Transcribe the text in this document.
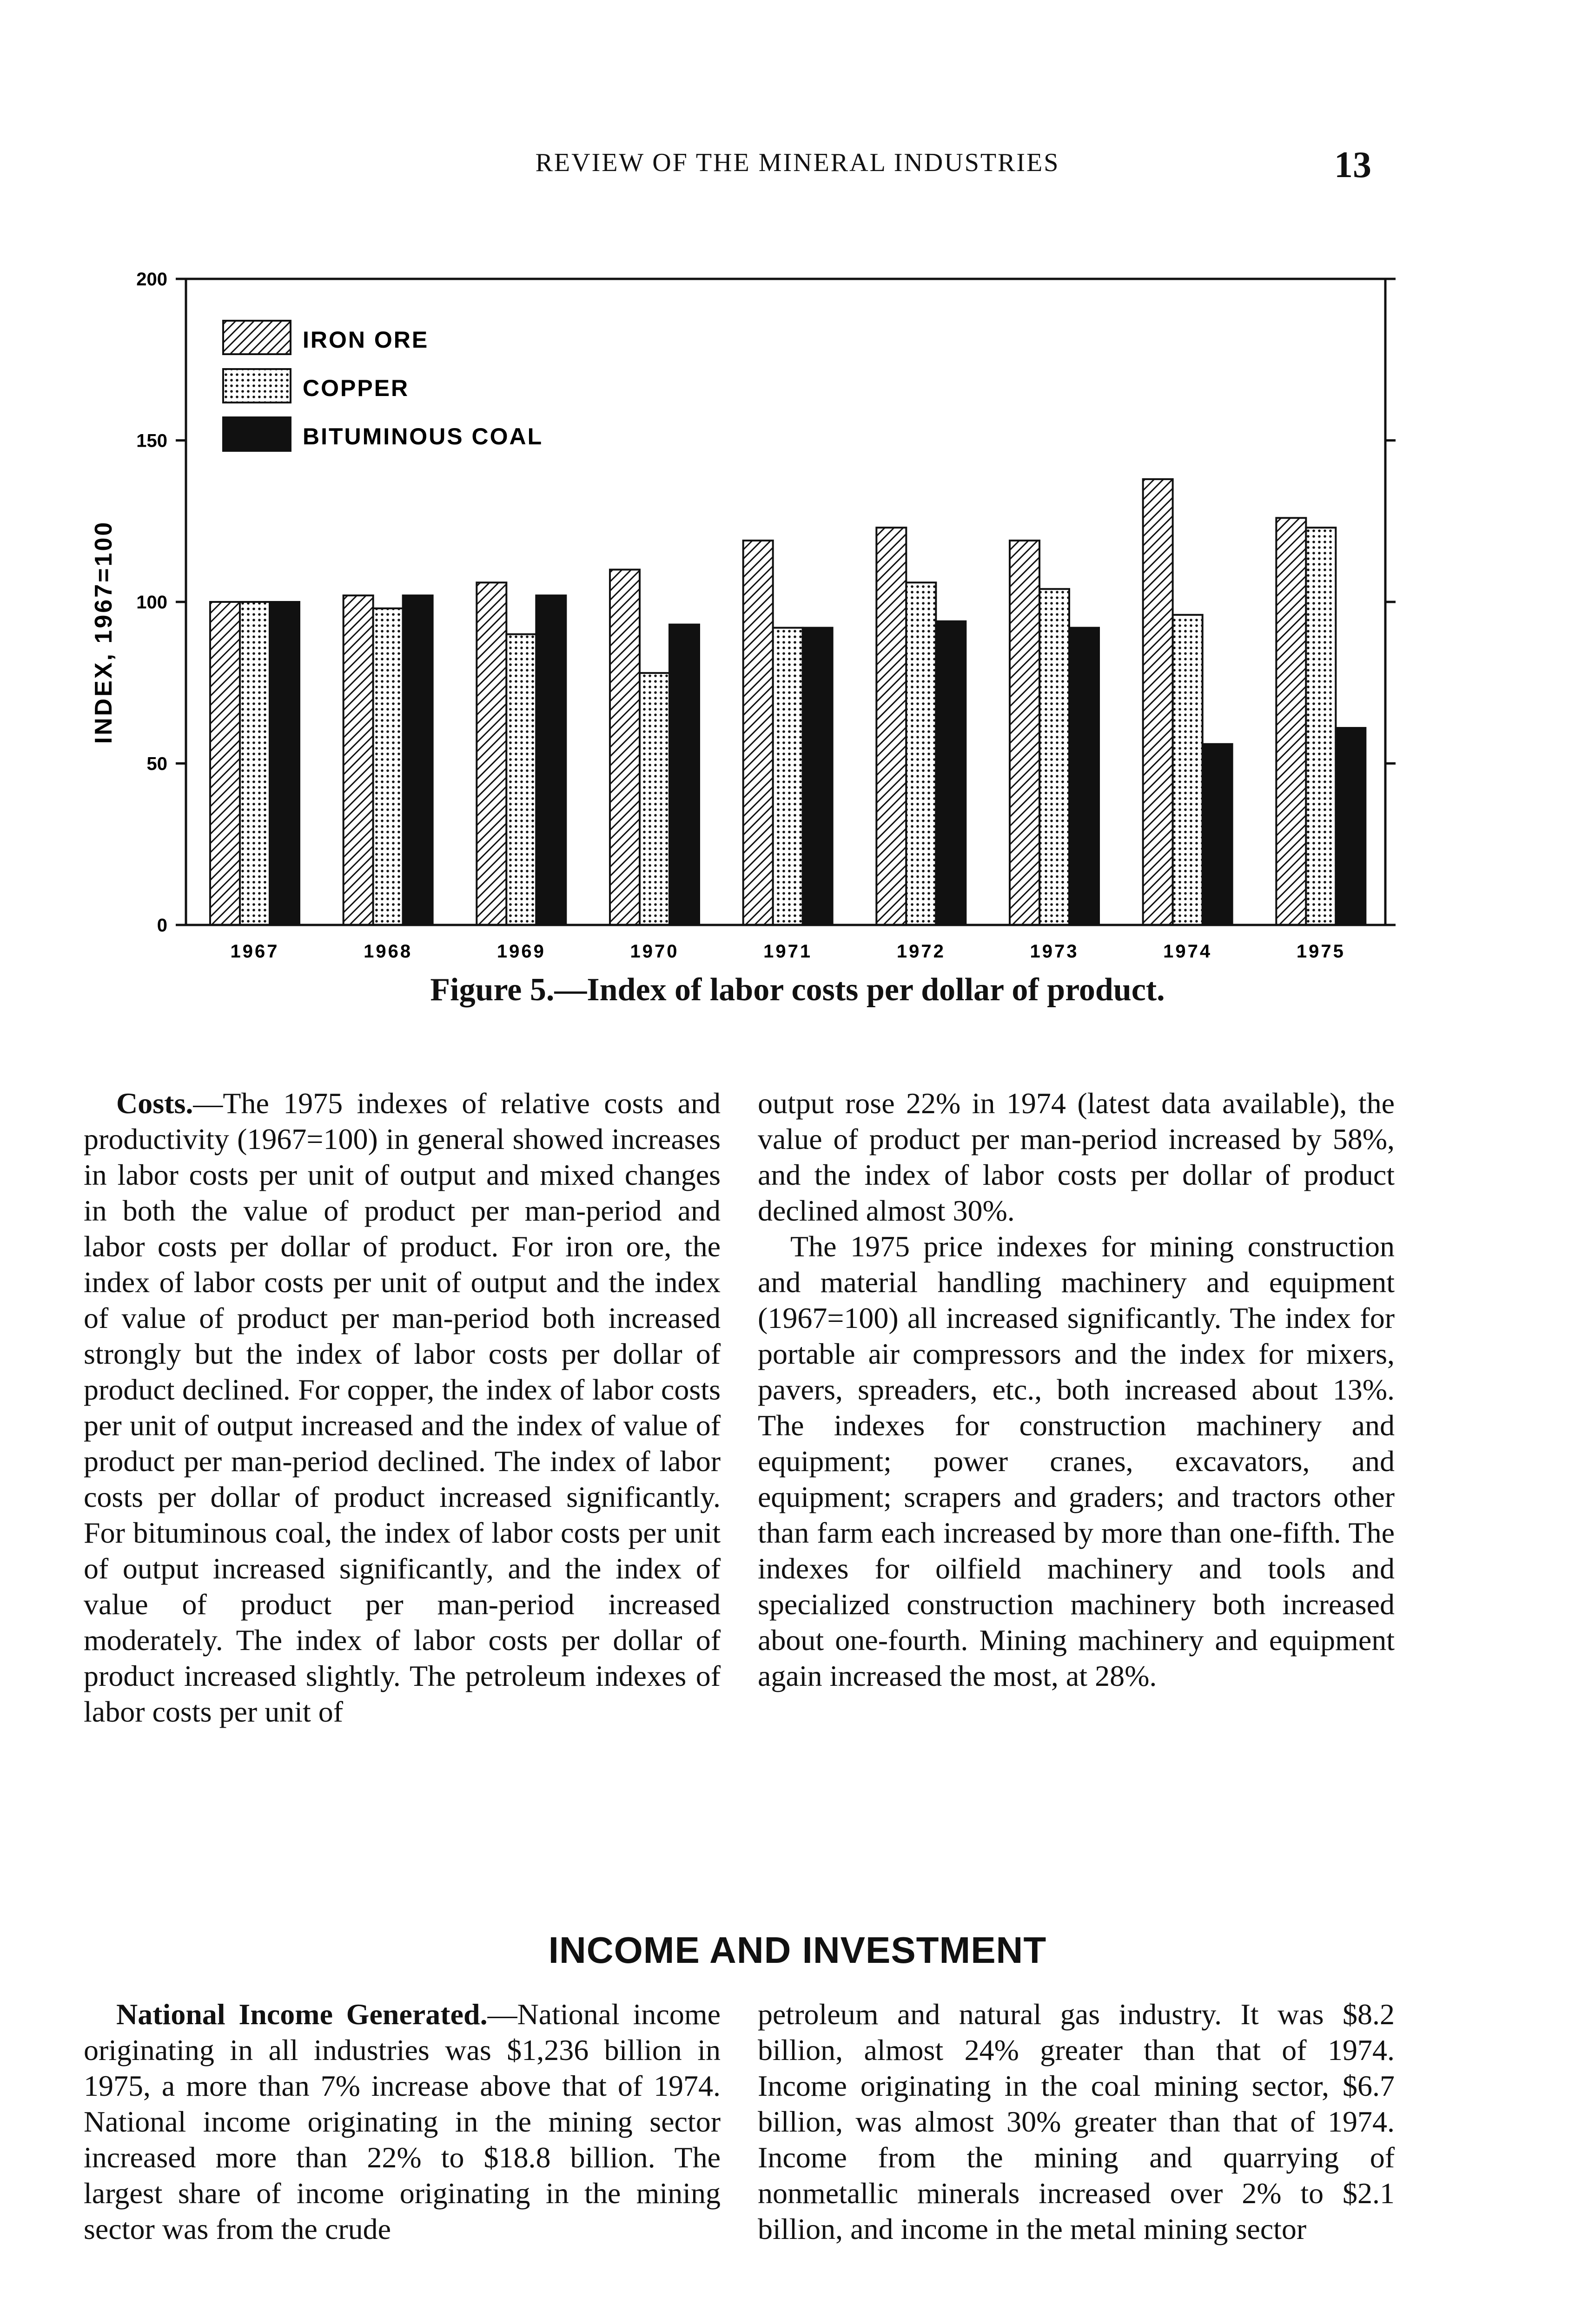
REVIEW OF THE MINERAL INDUSTRIES	13
INDEX, 1967=100
0
50
100
150
200
1967	1968	1969	1970	1971	1972	1973	1974	1975
IRON ORE
COPPER
BITUMINOUS COAL
Figure 5.—Index of labor costs per dollar of product.

Costs.—The 1975 indexes of relative costs and productivity (1967=100) in general showed increases in labor costs per unit of output and mixed changes in both the value of product per man-period and labor costs per dollar of product. For iron ore, the index of labor costs per unit of output and the index of value of product per man-period both increased strongly but the index of labor costs per dollar of product declined. For copper, the index of labor costs per unit of output increased and the index of value of product per man-period declined. The index of labor costs per dollar of product increased significantly. For bituminous coal, the index of labor costs per unit of output increased significantly, and the index of value of product per man-period increased moderately. The index of labor costs per dollar of product increased slightly. The petroleum indexes of labor costs per unit of

output rose 22% in 1974 (latest data available), the value of product per man-period increased by 58%, and the index of labor costs per dollar of product declined almost 30%.

The 1975 price indexes for mining construction and material handling machinery and equipment (1967=100) all increased significantly. The index for portable air compressors and the index for mixers, pavers, spreaders, etc., both increased about 13%. The indexes for construction machinery and equipment; power cranes, excavators, and equipment; scrapers and graders; and tractors other than farm each increased by more than one-fifth. The indexes for oilfield machinery and tools and specialized construction machinery both increased about one-fourth. Mining machinery and equipment again increased the most, at 28%.

INCOME AND INVESTMENT

National Income Generated.—National income originating in all industries was $1,236 billion in 1975, a more than 7% increase above that of 1974. National income originating in the mining sector increased more than 22% to $18.8 billion. The largest share of income originating in the mining sector was from the crude

petroleum and natural gas industry. It was $8.2 billion, almost 24% greater than that of 1974. Income originating in the coal mining sector, $6.7 billion, was almost 30% greater than that of 1974. Income from the mining and quarrying of nonmetallic minerals increased over 2% to $2.1 billion, and income in the metal mining sector
